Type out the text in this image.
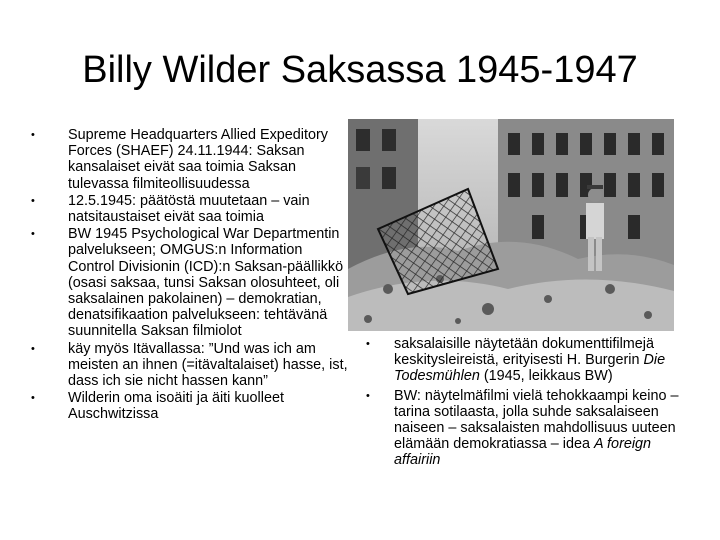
Billy Wilder Saksassa 1945-1947
• Supreme Headquarters Allied Expeditory Forces (SHAEF) 24.11.1944: Saksan kansalaiset eivät saa toimia Saksan tulevassa filmiteollisuudessa
• 12.5.1945: päätöstä muutetaan – vain natsitaustaiset eivät saa toimia
• BW 1945 Psychological War Departmentin palvelukseen; OMGUS:n Information Control Divisionin (ICD):n Saksan-päällikkö (osasi saksaa, tunsi Saksan olosuhteet, oli saksalainen pakolainen) – demokratian, denatsifikaation palvelukseen: tehtävänä suunnitella Saksan filmiolot
• käy myös Itävallassa: ”Und was ich am meisten an ihnen (=itävaltalaiset) hasse, ist, dass ich sie nicht hassen kann”
• Wilderin oma isoäiti ja äiti kuolleet Auschwitzissa
• saksalaisille näytetään dokumenttifilmejä keskitysleireistä, erityisesti H. Burgerin Die Todesmühlen (1945, leikkaus BW)
• BW: näytelmäfilmi vielä tehokkaampi keino – tarina sotilaasta, jolla suhde saksalaiseen naiseen – saksalaisten mahdollisuus uuteen elämään demokratiassa – idea A foreign affairiin
